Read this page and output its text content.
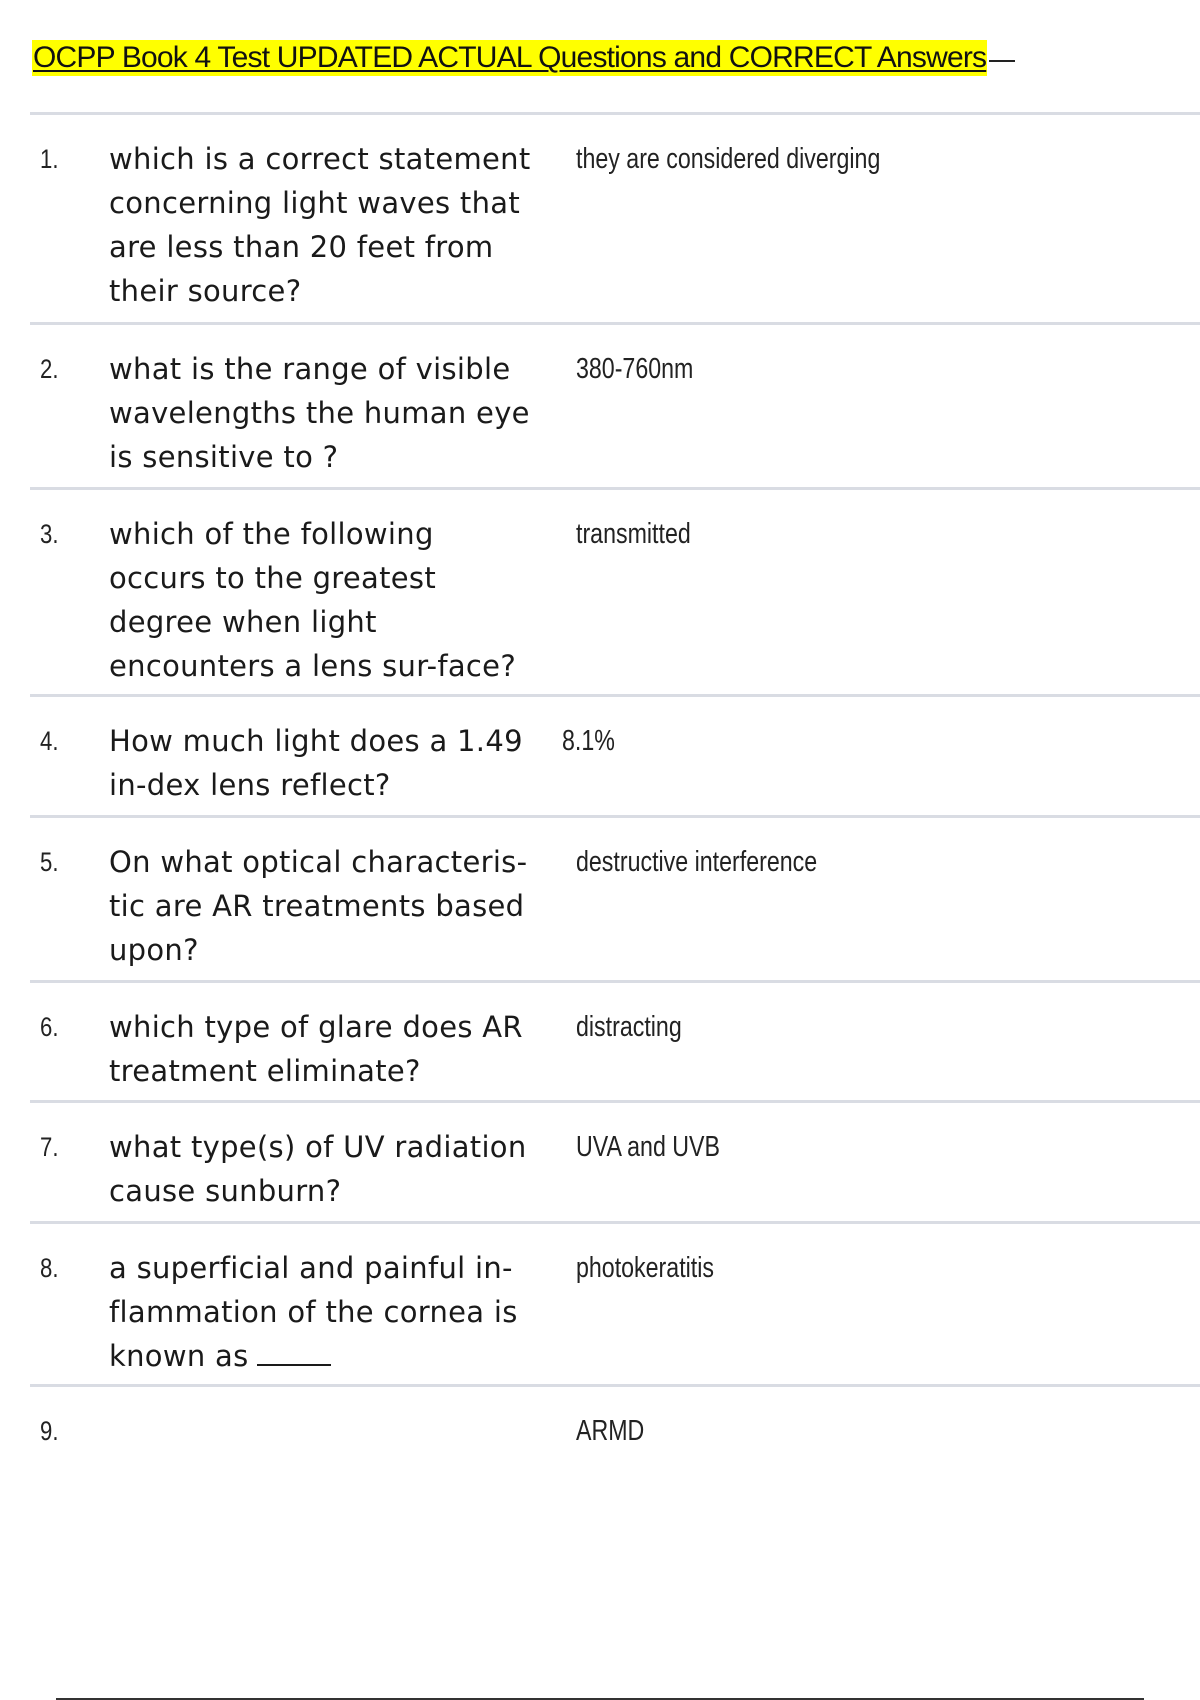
OCPP Book 4 Test UPDATED ACTUAL Questions and CORRECT Answers
1. which is a correct statement concerning light waves that are less than 20 feet from their source?
they are considered diverging
2. what is the range of visible wavelengths the human eye is sensitive to ?
380-760nm
3. which of the following occurs to the greatest degree when light encounters a lens sur-face?
transmitted
4. How much light does a 1.49 in-dex lens reflect?
8.1%
5. On what optical characteris-tic are AR treatments based upon?
destructive interference
6. which type of glare does AR treatment eliminate?
distracting
7. what type(s) of UV radiation cause sunburn?
UVA and UVB
8. a superficial and painful in-flammation of the cornea is known as
photokeratitis
9.	ARMD
